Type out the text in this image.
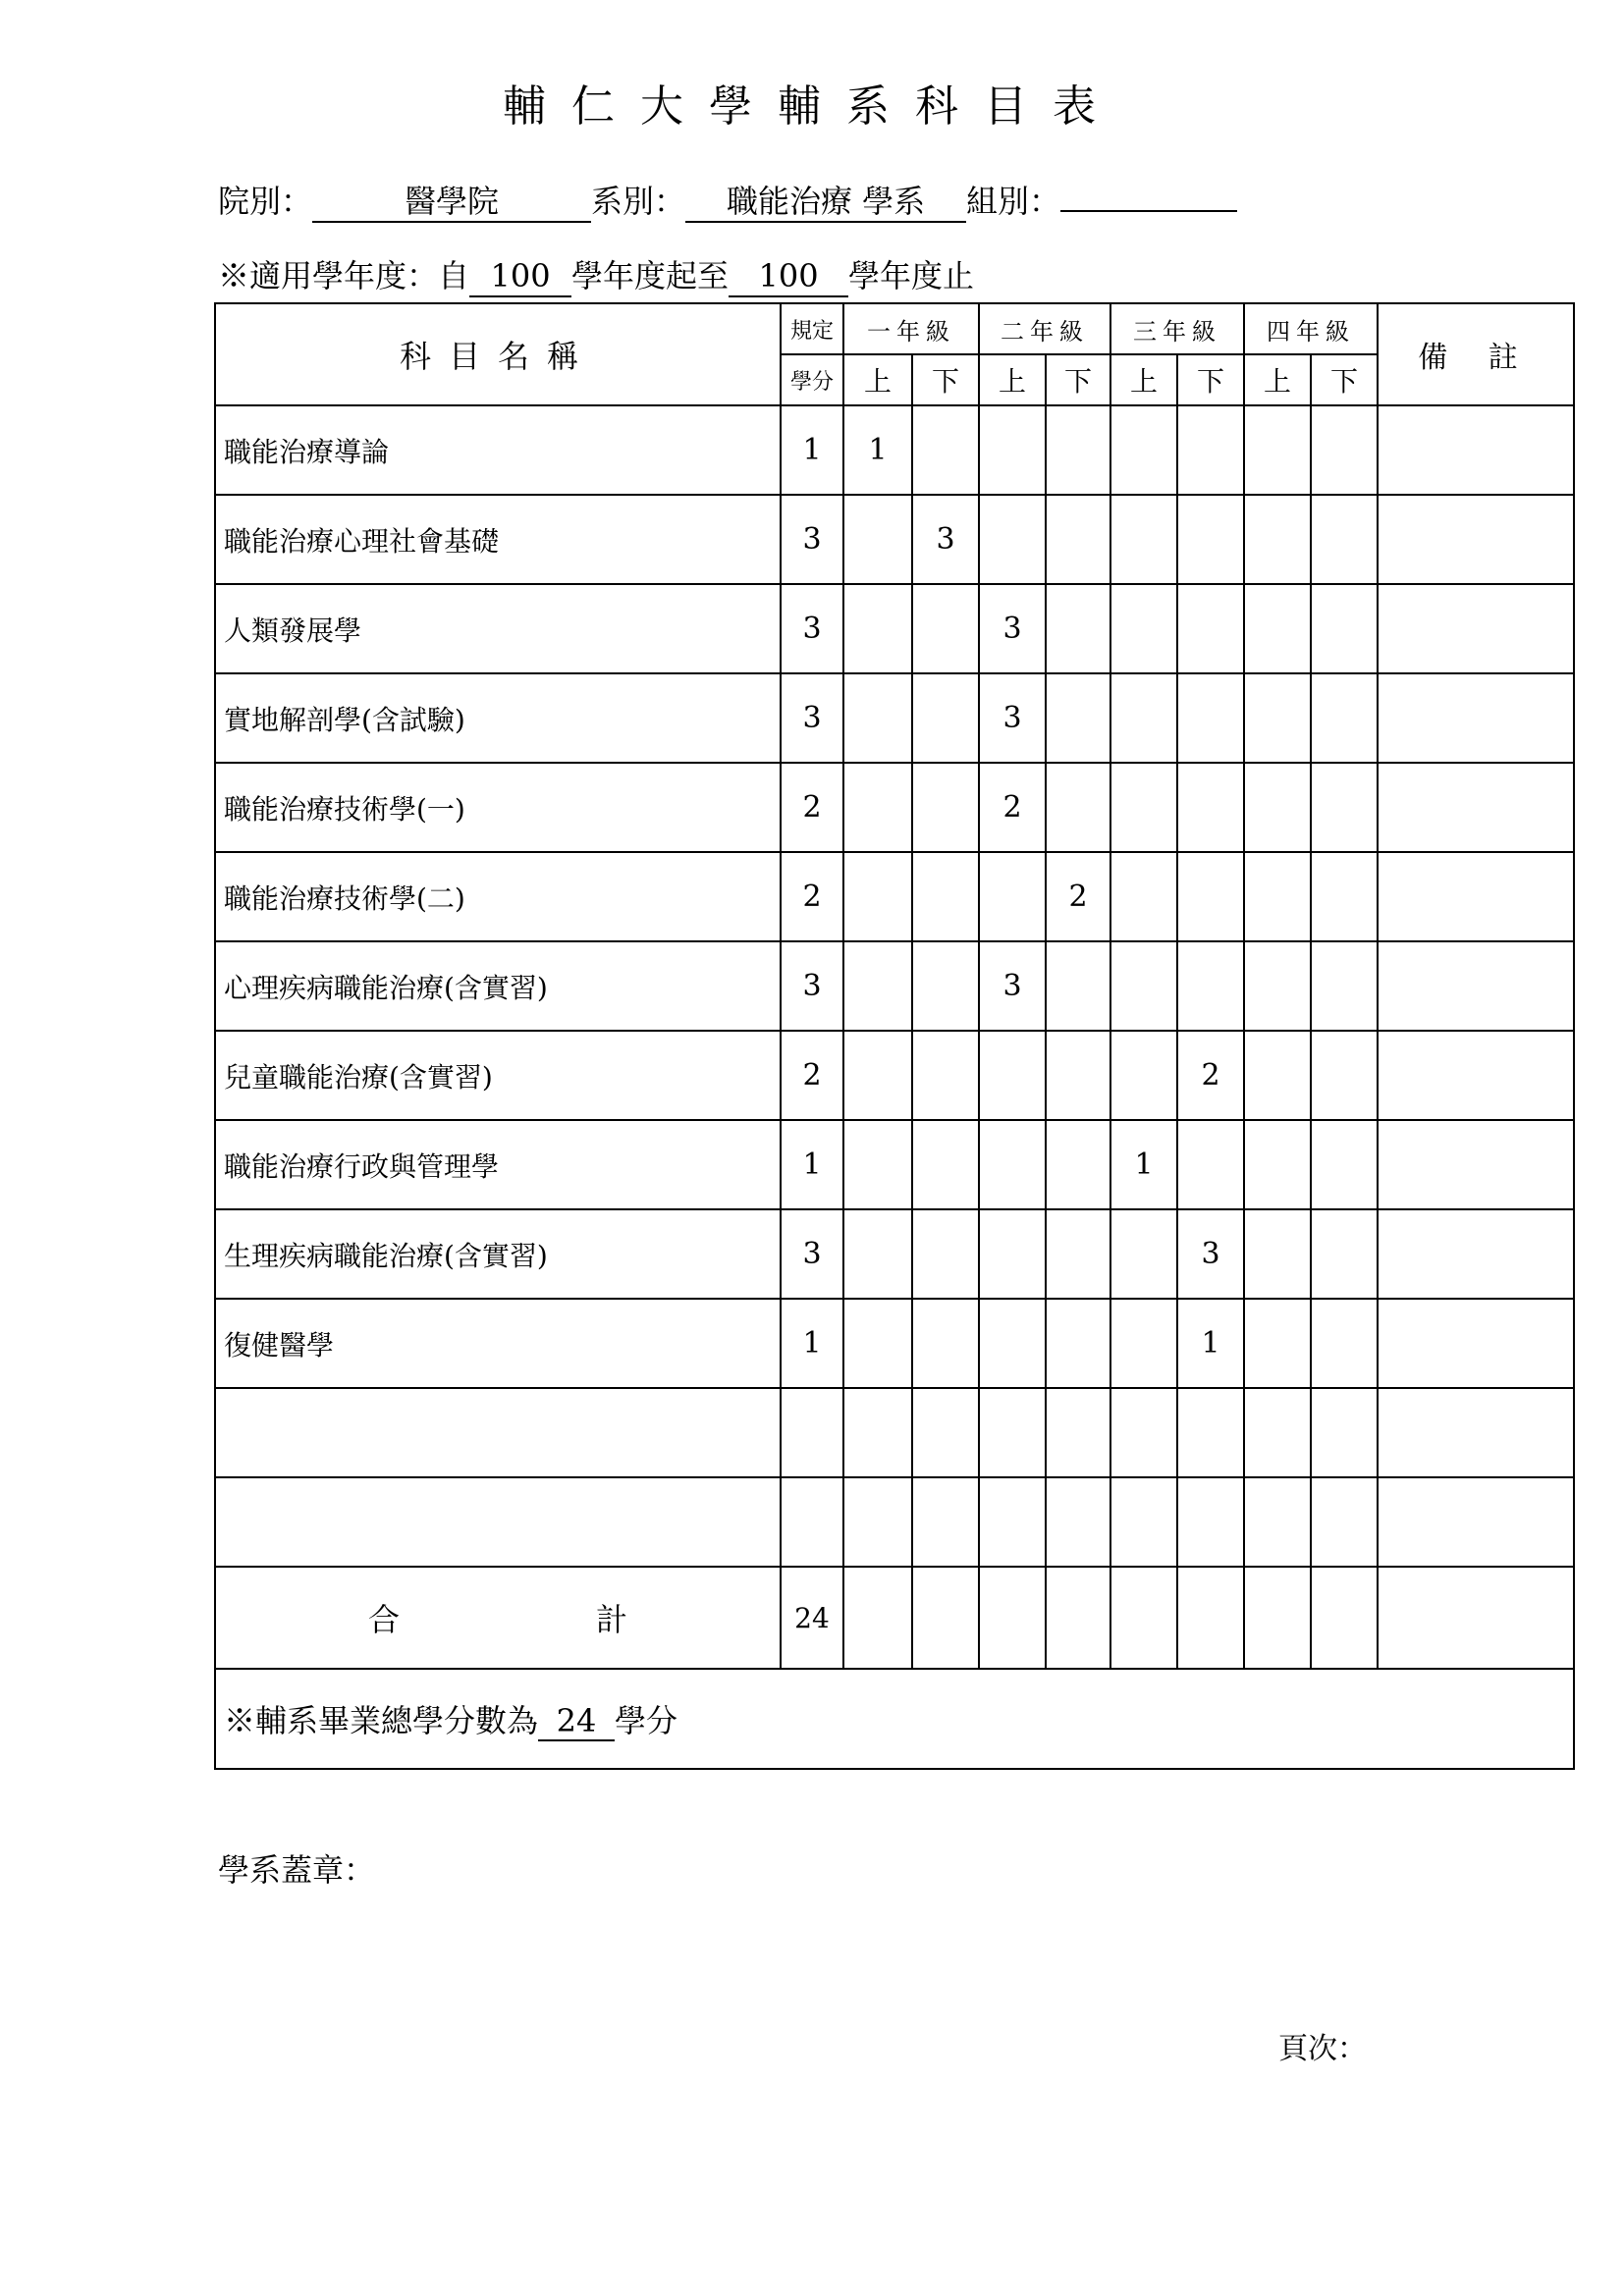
輔仁大學輔系科目表
院別：	醫學院	系別： 職能治療 學系 組別：
※適用學年度：自 100 學年度起至 100 學年度止
科目名稱	規定	一年級		二年級		三年級		四年級		備 註
	學分	上	下	上	下	上	下	上	下	
職能治療導論	1	1								
職能治療心理社會基礎	3		3							
人類發展學	3			3						
實地解剖學(含試驗)	3			3						
職能治療技術學(一)	2			2						
職能治療技術學(二)	2				2					
心理疾病職能治療(含實習)	3			3						
兒童職能治療(含實習)	2						2			
職能治療行政與管理學	1					1				
生理疾病職能治療(含實習)	3						3			
復健醫學	1						1			

合 計	24									
※輔系畢業總學分數為 24 學分										
學系蓋章：
頁次：
